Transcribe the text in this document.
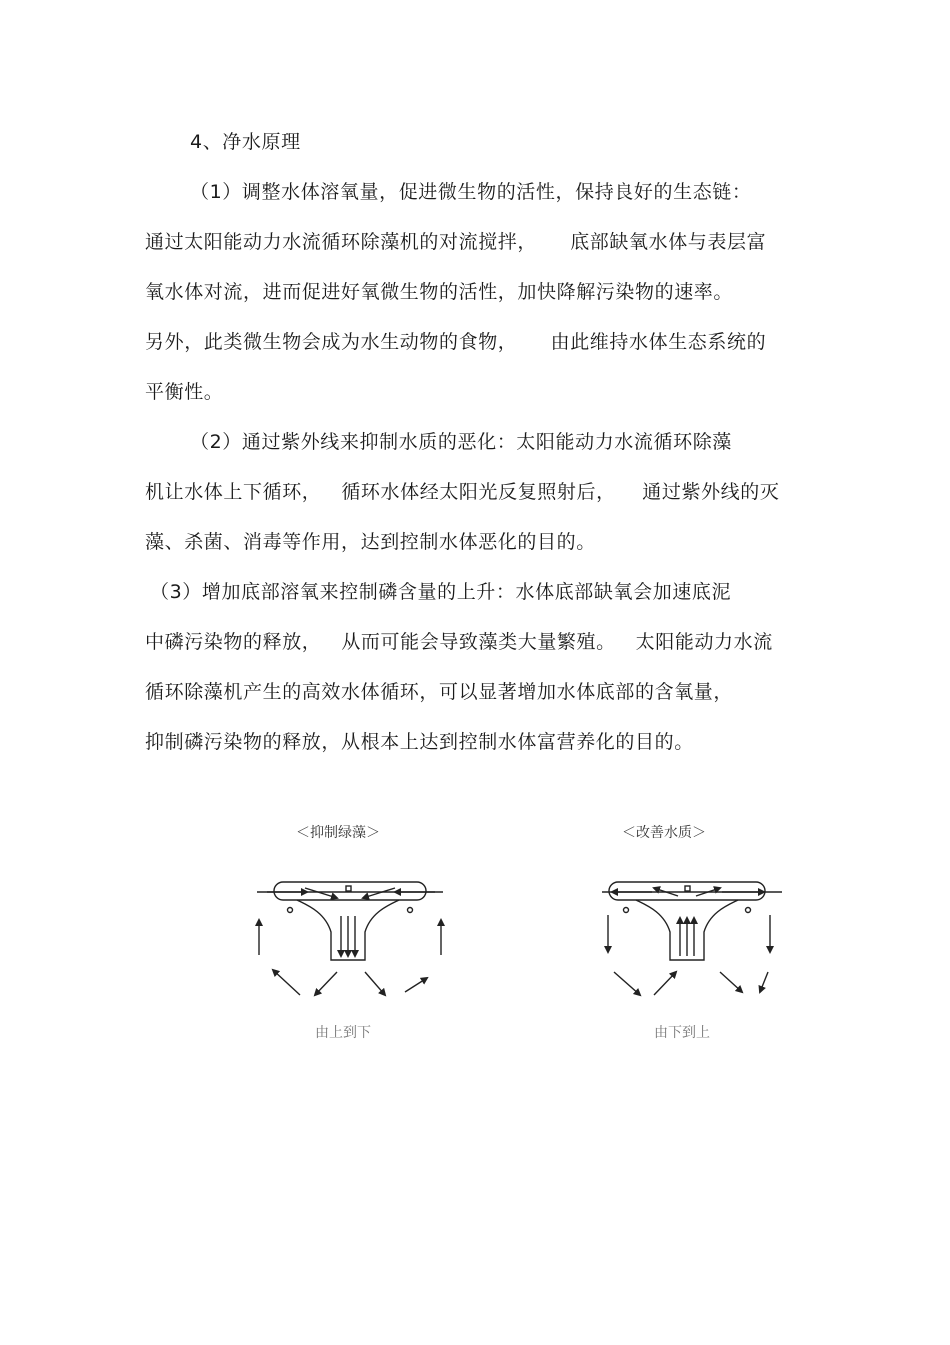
4、净水原理
（1）调整水体溶氧量，促进微生物的活性，保持良好的生态链：
通过太阳能动力水流循环除藻机的对流搅拌，     底部缺氧水体与表层富
氧水体对流，进而促进好氧微生物的活性，加快降解污染物的速率。
另外，此类微生物会成为水生动物的食物，     由此维持水体生态系统的
平衡性。
（2）通过紫外线来抑制水质的恶化：太阳能动力水流循环除藻
机让水体上下循环，   循环水体经太阳光反复照射后，    通过紫外线的灭
藻、杀菌、消毒等作用，达到控制水体恶化的目的。
（3）增加底部溶氧来控制磷含量的上升：水体底部缺氧会加速底泥
中磷污染物的释放，   从而可能会导致藻类大量繁殖。   太阳能动力水流
循环除藻机产生的高效水体循环，可以显著增加水体底部的含氧量，
抑制磷污染物的释放，从根本上达到控制水体富营养化的目的。
＜抑制绿藻＞
由上到下
＜改善水质＞
由下到上
